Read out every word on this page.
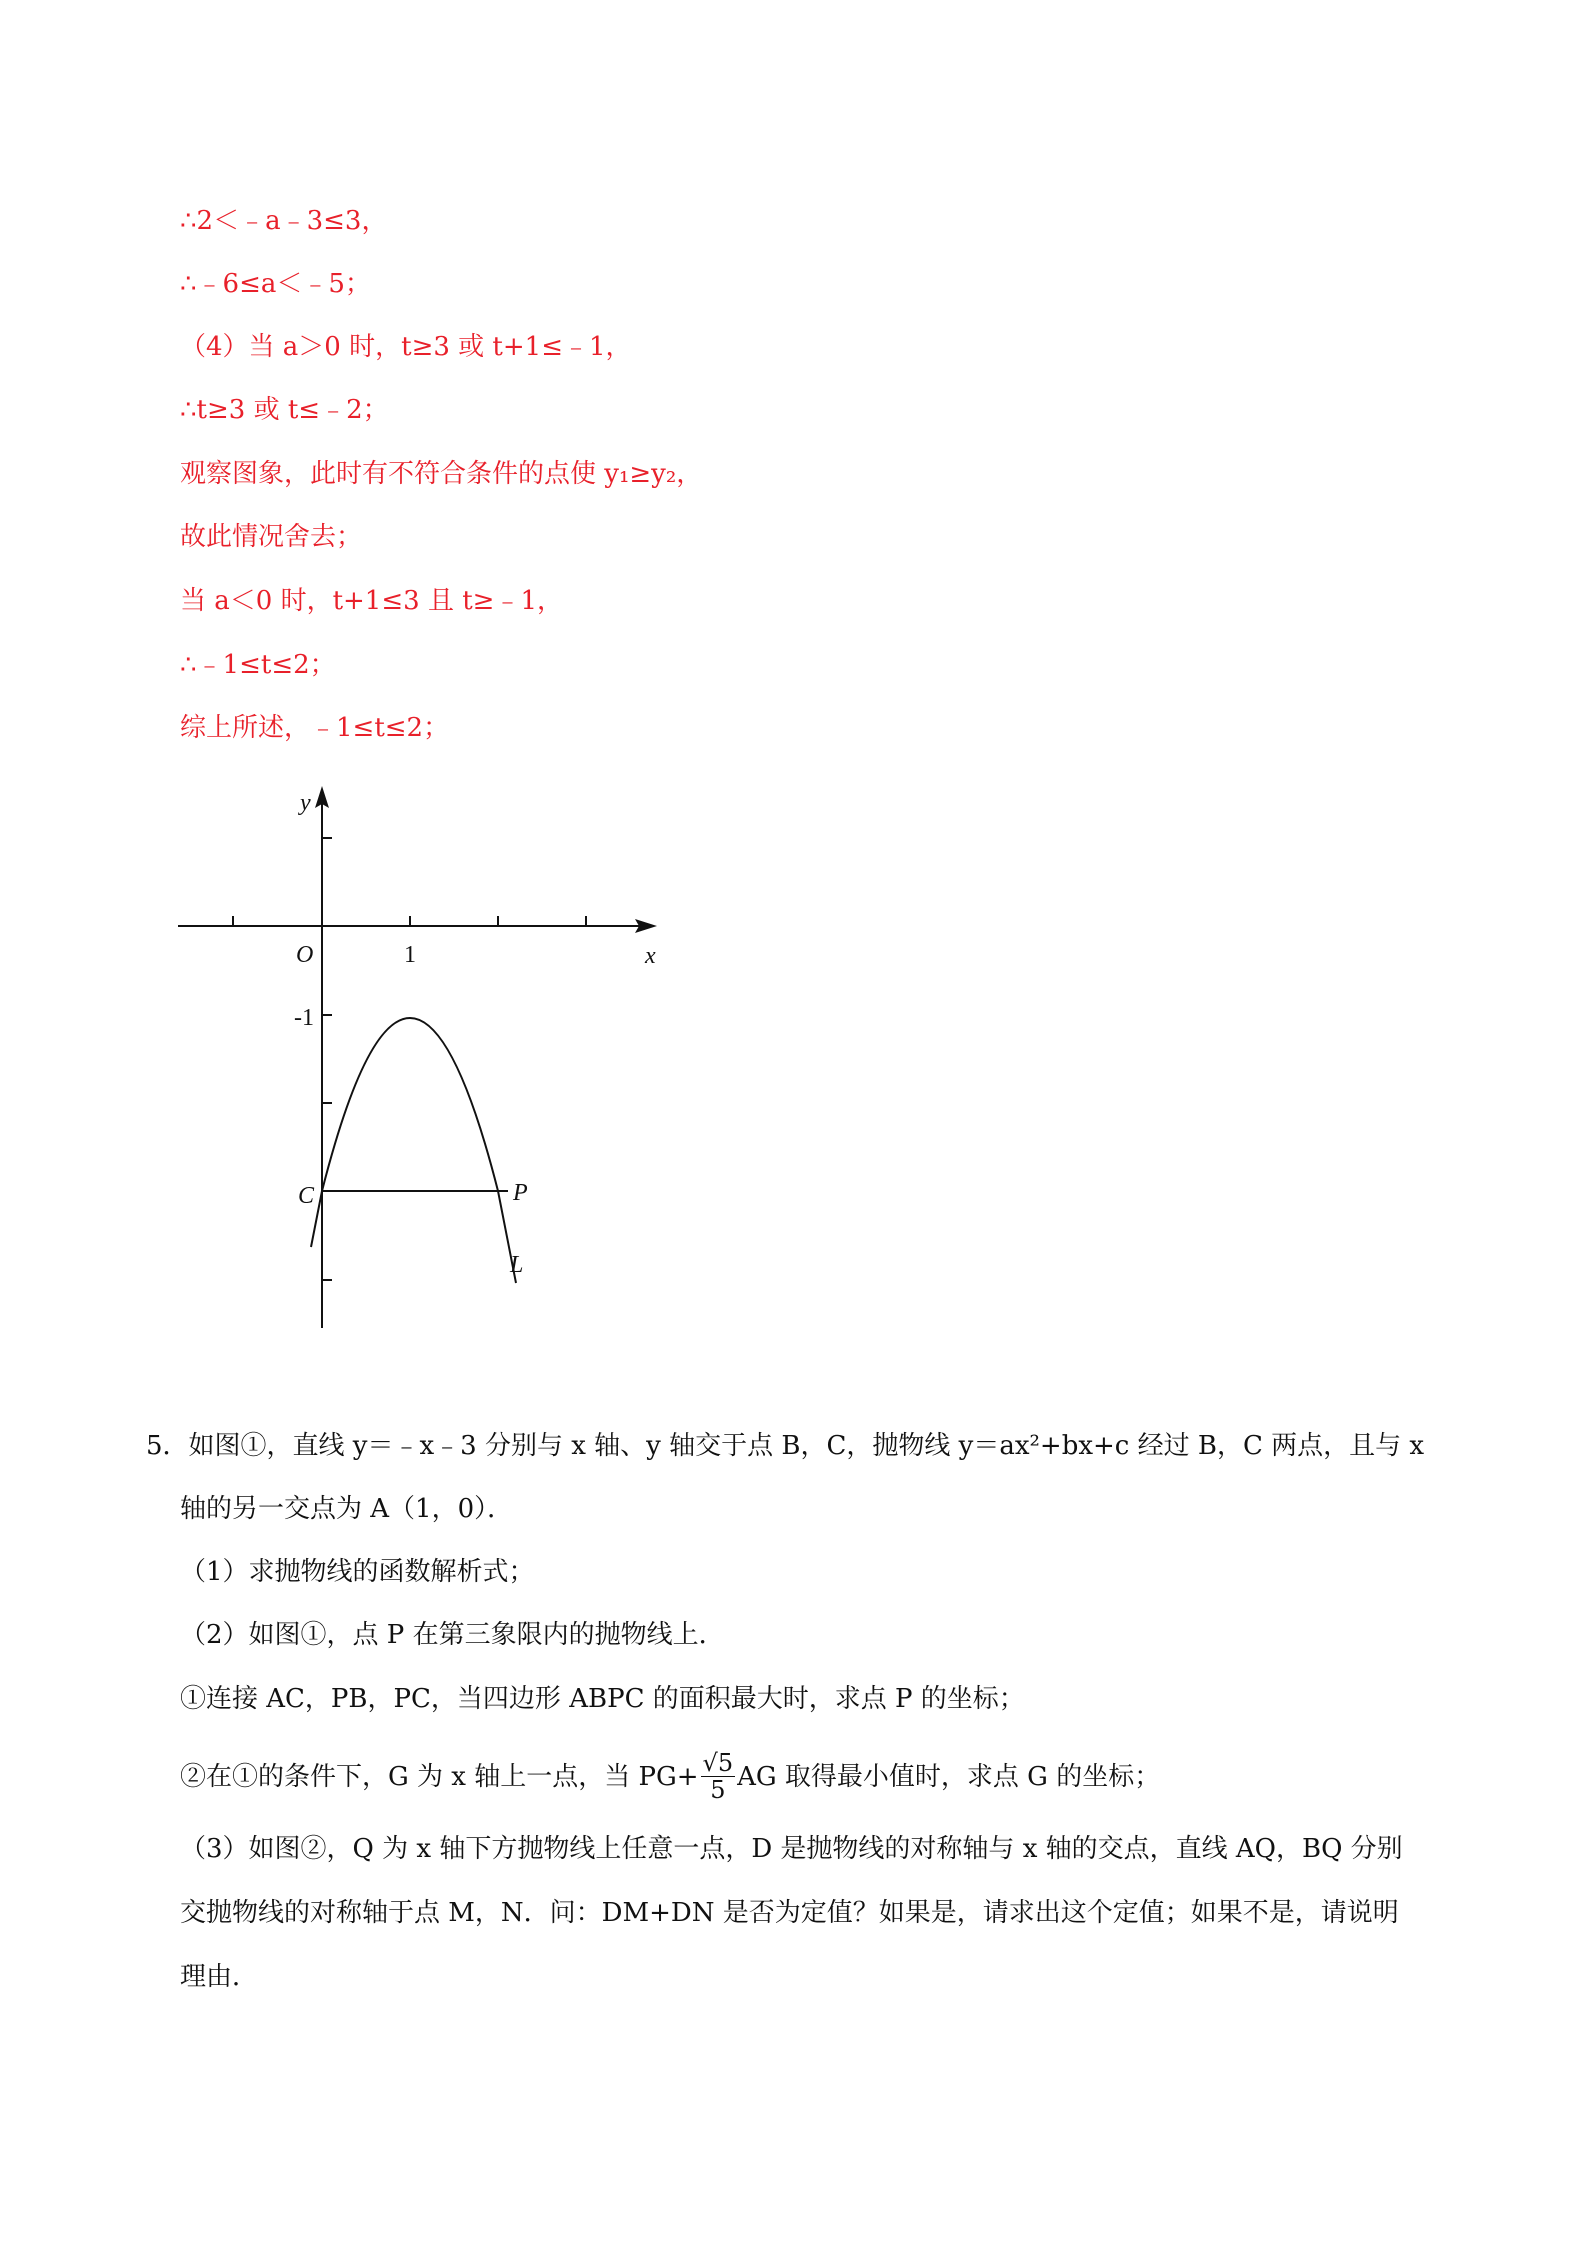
∴2＜﹣a﹣3≤3，
∴﹣6≤a＜﹣5；
（4）当 a＞0 时，t≥3 或 t+1≤﹣1，
∴t≥3 或 t≤﹣2；
观察图象，此时有不符合条件的点使 y₁≥y₂，
故此情况舍去；
当 a＜0 时，t+1≤3 且 t≥﹣1，
∴﹣1≤t≤2；
综上所述，﹣1≤t≤2；
y
x
O	1
-1
C	P
L
5．如图①，直线 y＝﹣x﹣3 分别与 x 轴、y 轴交于点 B，C，抛物线 y＝ax²+bx+c 经过 B，C 两点，且与 x
轴的另一交点为 A（1，0）．
（1）求抛物线的函数解析式；
（2）如图①，点 P 在第三象限内的抛物线上．
①连接 AC，PB，PC，当四边形 ABPC 的面积最大时，求点 P 的坐标；
②在①的条件下，G 为 x 轴上一点，当 $PG+ \frac{√5}{5}$ AG 取得最小值时，求点 G 的坐标；
（3）如图②，Q 为 x 轴下方抛物线上任意一点，D 是抛物线的对称轴与 x 轴的交点，直线 AQ，BQ 分别
交抛物线的对称轴于点 M，N．问：DM+DN 是否为定值？如果是，请求出这个定值；如果不是，请说明
理由．
